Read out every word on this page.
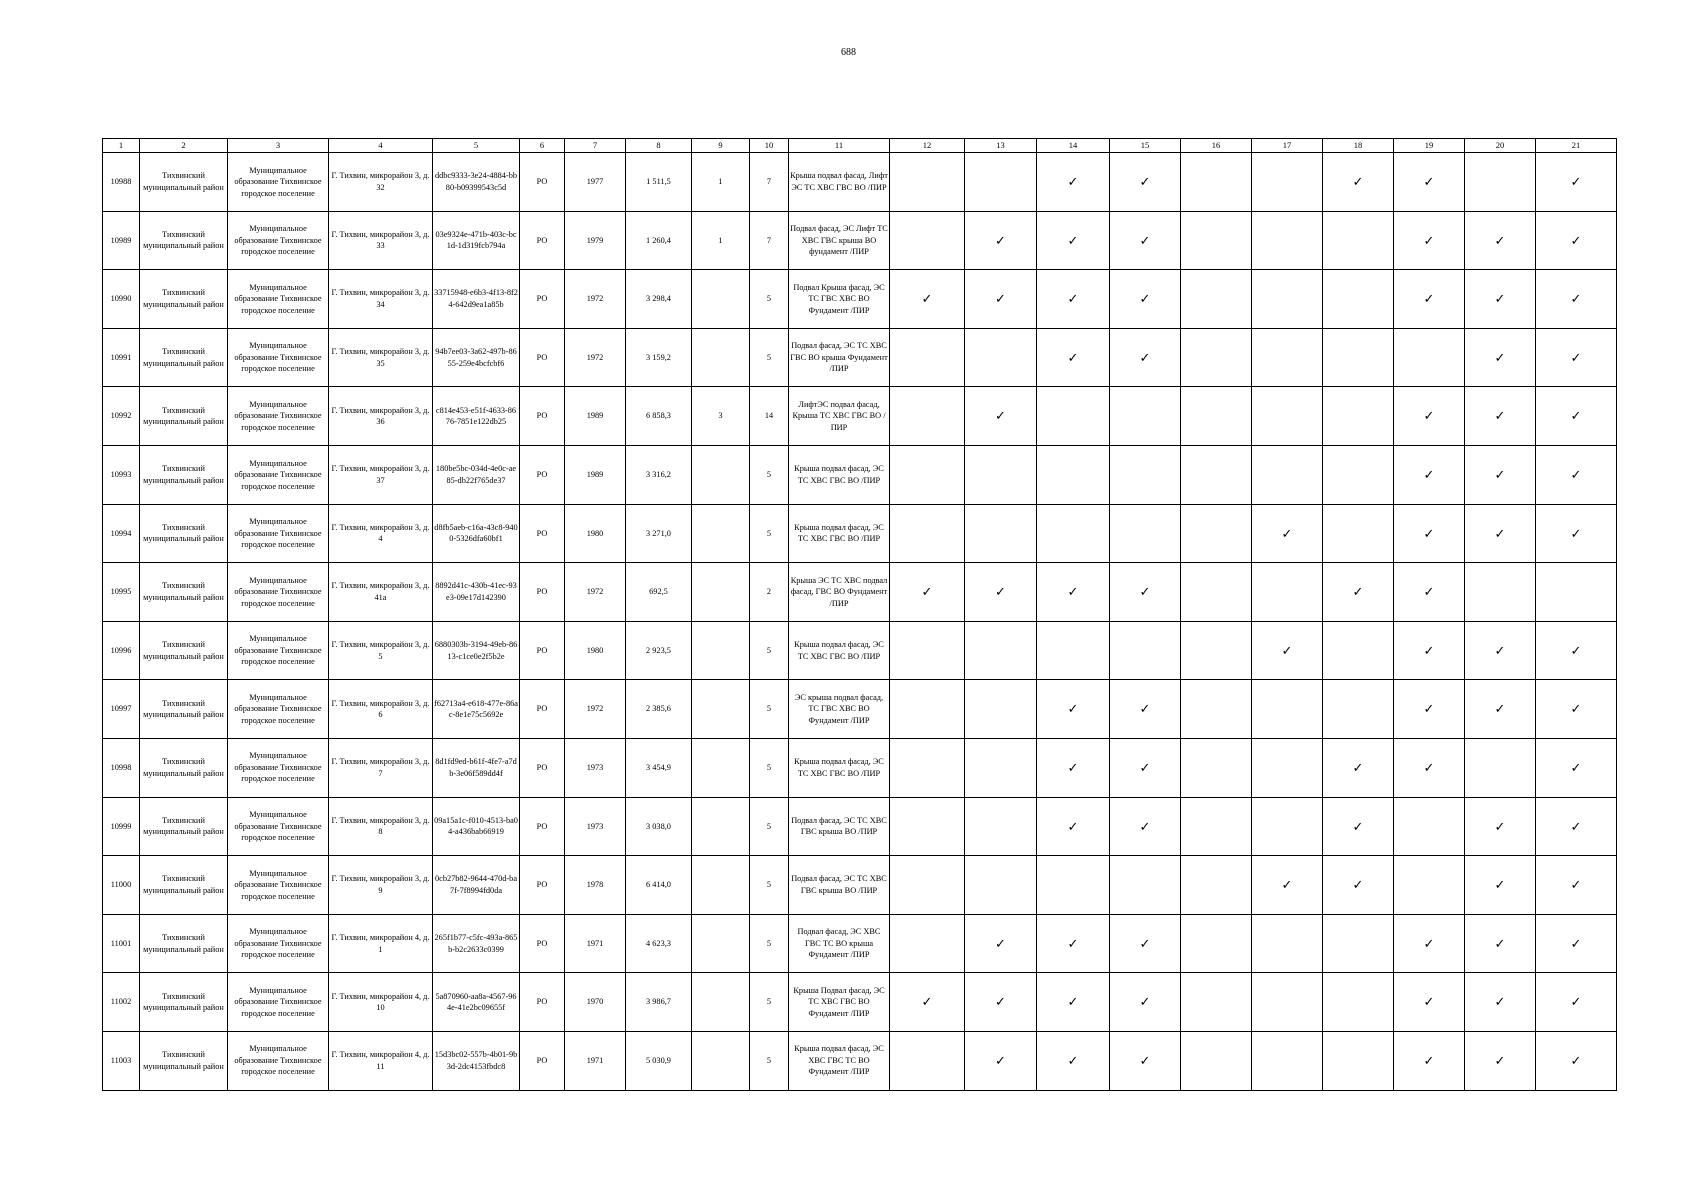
688
1	2	3	4	5	6	7	8	9	10	11	12	13	14	15	16	17	18	19	20	21
10988	Тихвинский муниципальный район	Муниципальное образование Тихвинское городское поселение	Г. Тихвин, микрорайон 3, д. 32	ddbc9333-3e24-4884-bb80-b09399543c5d	РО	1977	1 511,5	1	7	Крыша подвал фасад, Лифт ЭС ТС ХВС ГВС ВО /ПИР			✓	✓			✓	✓		✓
10989	Тихвинский муниципальный район	Муниципальное образование Тихвинское городское поселение	Г. Тихвин, микрорайон 3, д. 33	03e9324e-471b-403c-bc1d-1d319fcb794a	РО	1979	1 260,4	1	7	Подвал фасад, ЭС Лифт ТС ХВС ГВС крыша ВО фундамент /ПИР		✓	✓	✓				✓	✓	✓
10990	Тихвинский муниципальный район	Муниципальное образование Тихвинское городское поселение	Г. Тихвин, микрорайон 3, д. 34	33715948-e6b3-4f13-8f24-642d9ea1a85b	РО	1972	3 298,4		5	Подвал Крыша фасад, ЭС ТС ГВС ХВС ВО Фундамент /ПИР	✓	✓	✓	✓				✓	✓	✓
10991	Тихвинский муниципальный район	Муниципальное образование Тихвинское городское поселение	Г. Тихвин, микрорайон 3, д. 35	94b7ee03-3a62-497b-8655-259e4bcfcbf6	РО	1972	3 159,2		5	Подвал фасад, ЭС ТС ХВС ГВС ВО крыша Фундамент /ПИР			✓	✓					✓	✓
10992	Тихвинский муниципальный район	Муниципальное образование Тихвинское городское поселение	Г. Тихвин, микрорайон 3, д. 36	c814e453-e51f-4633-8676-7851e122db25	РО	1989	6 858,3	3	14	ЛифтЭС подвал фасад, Крыша ТС ХВС ГВС ВО /ПИР		✓						✓	✓	✓
10993	Тихвинский муниципальный район	Муниципальное образование Тихвинское городское поселение	Г. Тихвин, микрорайон 3, д. 37	180be5bc-034d-4e0c-ae85-db22f765de37	РО	1989	3 316,2		5	Крыша подвал фасад, ЭС ТС ХВС ГВС ВО /ПИР								✓	✓	✓
10994	Тихвинский муниципальный район	Муниципальное образование Тихвинское городское поселение	Г. Тихвин, микрорайон 3, д. 4	d8fb5aeb-c16a-43c8-9400-5326dfa60bf1	РО	1980	3 271,0		5	Крыша подвал фасад, ЭС ТС ХВС ГВС ВО /ПИР						✓		✓	✓	✓
10995	Тихвинский муниципальный район	Муниципальное образование Тихвинское городское поселение	Г. Тихвин, микрорайон 3, д. 41а	8892d41c-430b-41ec-93e3-09e17d142390	РО	1972	692,5		2	Крыша ЭС ТС ХВС подвал фасад, ГВС ВО Фундамент /ПИР	✓	✓	✓	✓			✓	✓		
10996	Тихвинский муниципальный район	Муниципальное образование Тихвинское городское поселение	Г. Тихвин, микрорайон 3, д. 5	6880303b-3194-49eb-8613-c1ce0e2f5b2e	РО	1980	2 923,5		5	Крыша подвал фасад, ЭС ТС ХВС ГВС ВО /ПИР						✓		✓	✓	✓
10997	Тихвинский муниципальный район	Муниципальное образование Тихвинское городское поселение	Г. Тихвин, микрорайон 3, д. 6	f62713a4-e618-477e-86ac-8e1e75c5692e	РО	1972	2 385,6		5	ЭС крыша подвал фасад, ТС ГВС ХВС ВО Фундамент /ПИР			✓	✓				✓	✓	✓
10998	Тихвинский муниципальный район	Муниципальное образование Тихвинское городское поселение	Г. Тихвин, микрорайон 3, д. 7	8d1fd9ed-b61f-4fe7-a7db-3e06f589dd4f	РО	1973	3 454,9		5	Крыша подвал фасад, ЭС ТС ХВС ГВС ВО /ПИР			✓	✓			✓	✓		✓
10999	Тихвинский муниципальный район	Муниципальное образование Тихвинское городское поселение	Г. Тихвин, микрорайон 3, д. 8	09a15a1c-f010-4513-ba04-a436bab66919	РО	1973	3 038,0		5	Подвал фасад, ЭС ТС ХВС ГВС крыша ВО /ПИР			✓	✓			✓		✓	✓
11000	Тихвинский муниципальный район	Муниципальное образование Тихвинское городское поселение	Г. Тихвин, микрорайон 3, д. 9	0cb27b82-9644-470d-ba7f-7f8994fd0da	РО	1978	6 414,0		5	Подвал фасад, ЭС ТС ХВС ГВС крыша ВО /ПИР						✓	✓		✓	✓
11001	Тихвинский муниципальный район	Муниципальное образование Тихвинское городское поселение	Г. Тихвин, микрорайон 4, д. 1	265f1b77-c5fc-493a-865b-b2c2633c0399	РО	1971	4 623,3		5	Подвал фасад, ЭС ХВС ГВС ТС ВО крыша Фундамент /ПИР		✓	✓	✓				✓	✓	✓
11002	Тихвинский муниципальный район	Муниципальное образование Тихвинское городское поселение	Г. Тихвин, микрорайон 4, д. 10	5a870960-aa8a-4567-964e-41e2bc09655f	РО	1970	3 986,7		5	Крыша Подвал фасад, ЭС ТС ХВС ГВС ВО Фундамент /ПИР	✓	✓	✓	✓				✓	✓	✓
11003	Тихвинский муниципальный район	Муниципальное образование Тихвинское городское поселение	Г. Тихвин, микрорайон 4, д. 11	15d3bc02-557b-4b01-9b3d-2dc4153fbdc8	РО	1971	5 030,9		5	Крыша подвал фасад, ЭС ХВС ГВС ТС ВО Фундамент /ПИР		✓	✓	✓				✓	✓	✓
